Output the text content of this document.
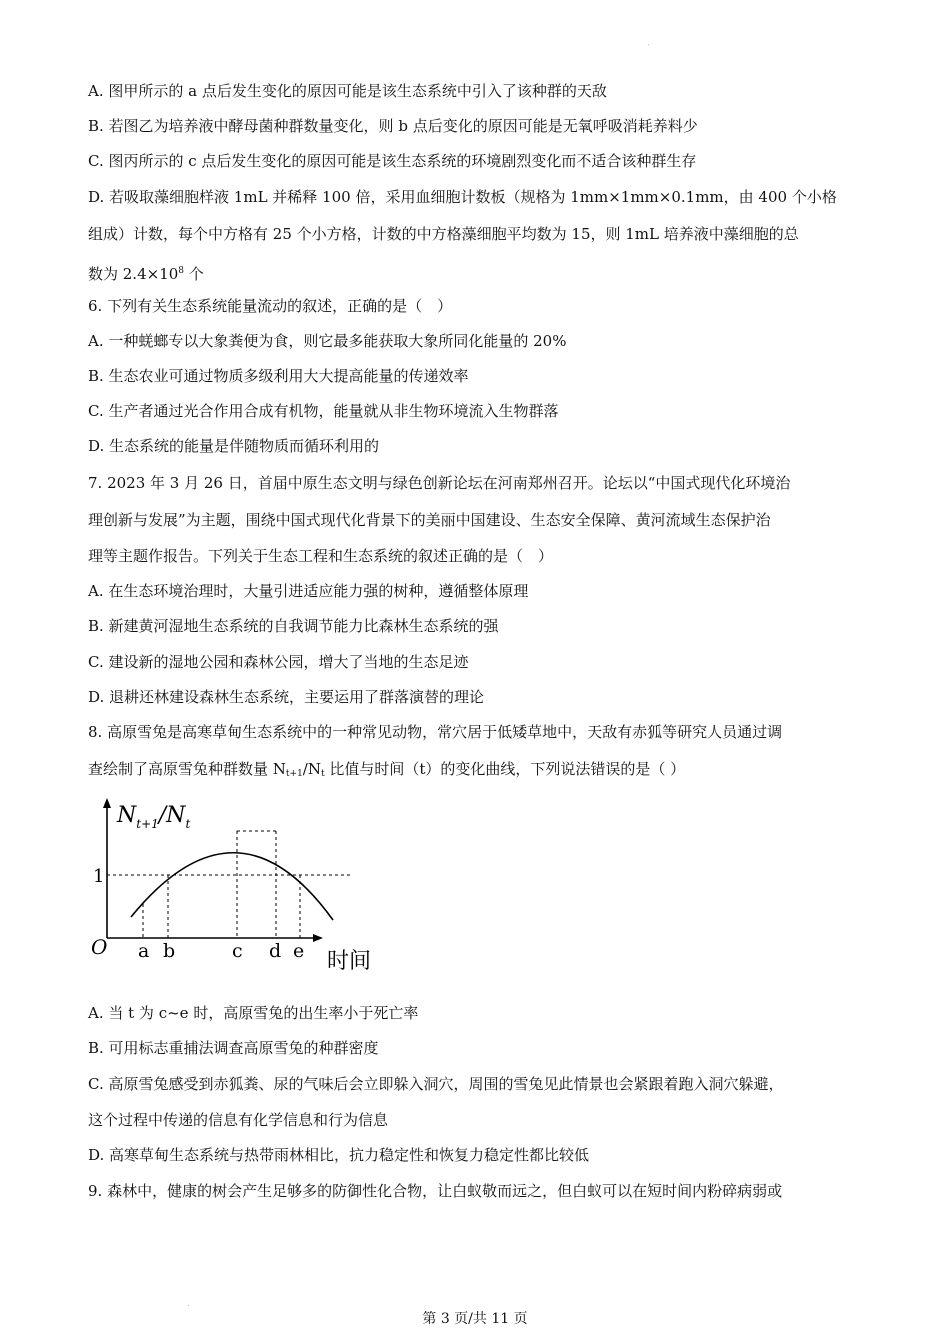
A. 图甲所示的 a 点后发生变化的原因可能是该生态系统中引入了该种群的天敌
B. 若图乙为培养液中酵母菌种群数量变化，则 b 点后变化的原因可能是无氧呼吸消耗养料少
C. 图丙所示的 c 点后发生变化的原因可能是该生态系统的环境剧烈变化而不适合该种群生存
D. 若吸取藻细胞样液 1mL 并稀释 100 倍，采用血细胞计数板（规格为 1mm×1mm×0.1mm，由 400 个小格
组成）计数，每个中方格有 25 个小方格，计数的中方格藻细胞平均数为 15，则 1mL 培养液中藻细胞的总
数为 $2.4\times 10^8$ 个
6. 下列有关生态系统能量流动的叙述，正确的是（　）
A. 一种蜣螂专以大象粪便为食，则它最多能获取大象所同化能量的 20%
B. 生态农业可通过物质多级利用大大提高能量的传递效率
C. 生产者通过光合作用合成有机物，能量就从非生物环境流入生物群落
D. 生态系统的能量是伴随物质而循环利用的
7. 2023 年 3 月 26 日，首届中原生态文明与绿色创新论坛在河南郑州召开。论坛以“中国式现代化环境治
理创新与发展”为主题，围绕中国式现代化背景下的美丽中国建设、生态安全保障、黄河流域生态保护治
理等主题作报告。下列关于生态工程和生态系统的叙述正确的是（　）
A. 在生态环境治理时，大量引进适应能力强的树种，遵循整体原理
B. 新建黄河湿地生态系统的自我调节能力比森林生态系统的强
C. 建设新的湿地公园和森林公园，增大了当地的生态足迹
D. 退耕还林建设森林生态系统，主要运用了群落演替的理论
8. 高原雪兔是高寒草甸生态系统中的一种常见动物，常穴居于低矮草地中，天敌有赤狐等研究人员通过调
查绘制了高原雪兔种群数量 $N_{t+1}/N_t$ 比值与时间（t）的变化曲线，下列说法错误的是（ ）
$N_{t+1}/N_t$
1
O a b	c d e 时间
A. 当 t 为 c~e 时，高原雪兔的出生率小于死亡率
B. 可用标志重捕法调查高原雪兔的种群密度
C. 高原雪兔感受到赤狐粪、尿的气味后会立即躲入洞穴，周围的雪兔见此情景也会紧跟着跑入洞穴躲避，
这个过程中传递的信息有化学信息和行为信息
D. 高寒草甸生态系统与热带雨林相比，抗力稳定性和恢复力稳定性都比较低
9. 森林中，健康的树会产生足够多的防御性化合物，让白蚁敬而远之，但白蚁可以在短时间内粉碎病弱或
第 3 页/共 11 页
